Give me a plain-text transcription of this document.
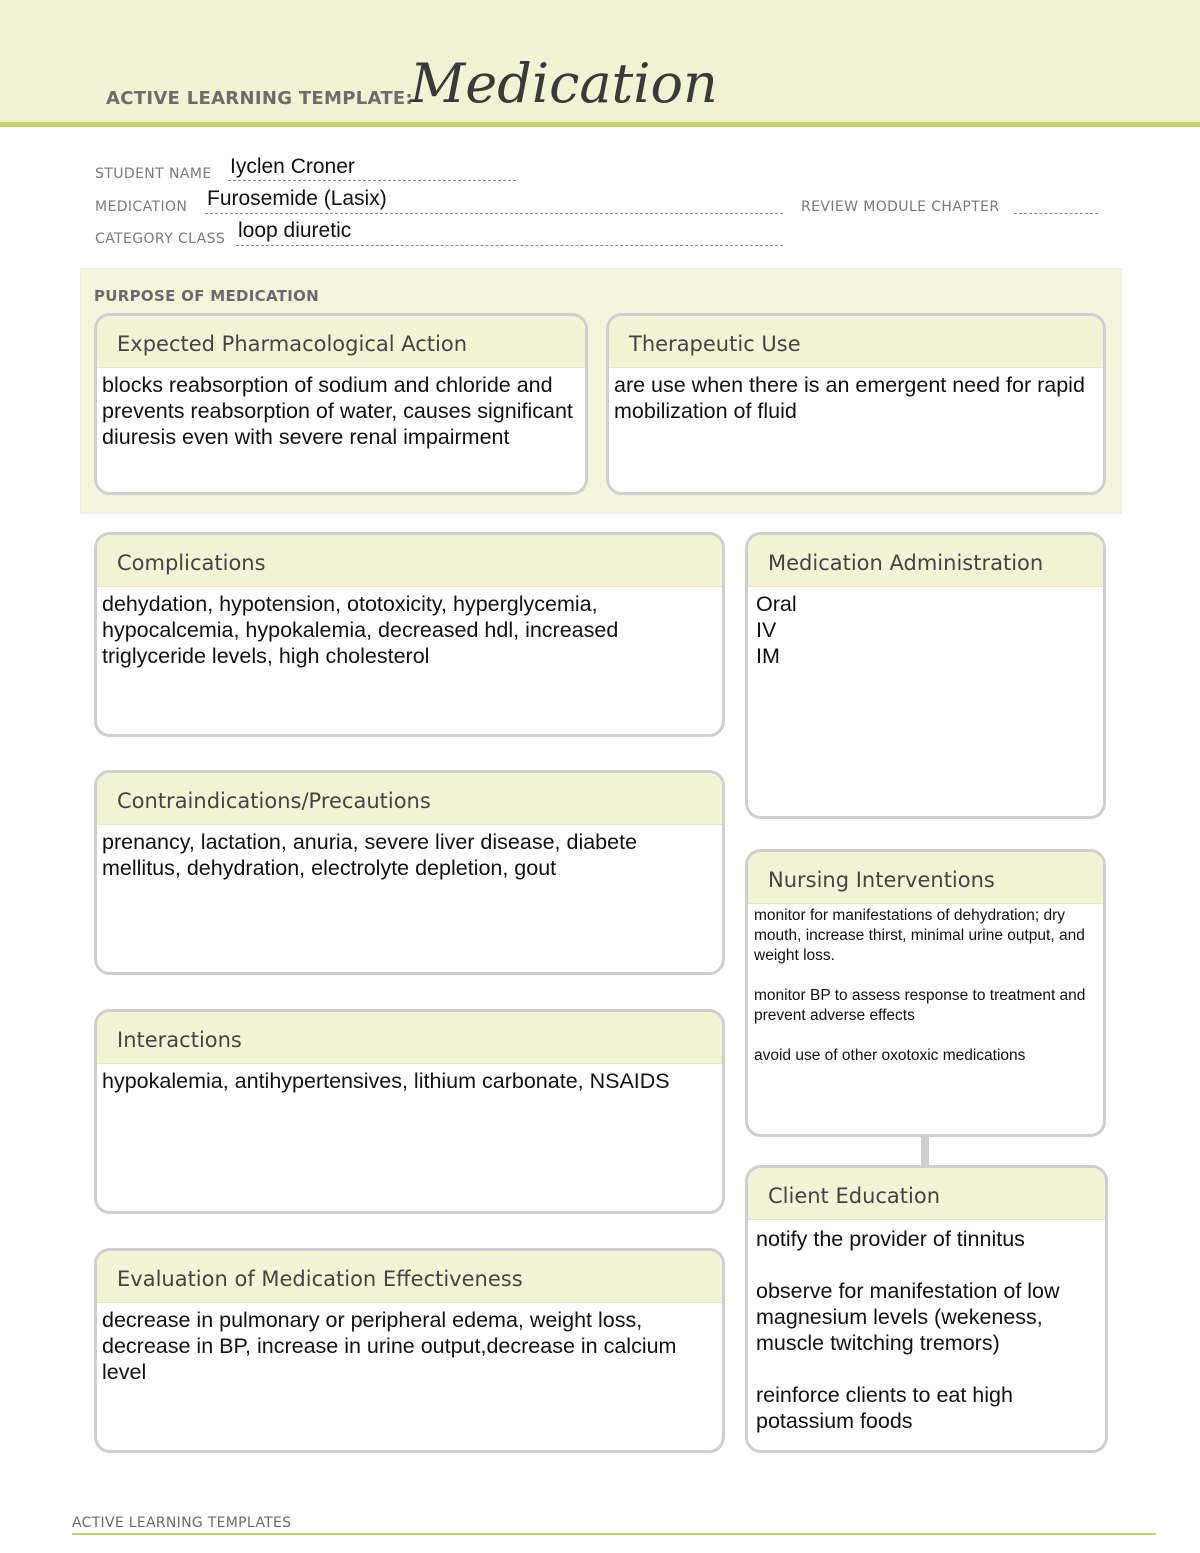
ACTIVE LEARNING TEMPLATE:
Medication
STUDENT NAME Iyclen Croner
MEDICATION Furosemide (Lasix)	REVIEW MODULE CHAPTER
CATEGORY CLASS loop diuretic
PURPOSE OF MEDICATION
Expected Pharmacological Action
blocks reabsorption of sodium and chloride and prevents reabsorption of water, causes significant diuresis even with severe renal impairment
Therapeutic Use
are use when there is an emergent need for rapid mobilization of fluid
Complications
dehydation, hypotension, ototoxicity, hyperglycemia, hypocalcemia, hypokalemia, decreased hdl, increased triglyceride levels, high cholesterol
Contraindications/Precautions
prenancy, lactation, anuria, severe liver disease, diabete mellitus, dehydration, electrolyte depletion, gout
Interactions
hypokalemia, antihypertensives, lithium carbonate, NSAIDS
Evaluation of Medication Effectiveness
decrease in pulmonary or peripheral edema, weight loss, decrease in BP, increase in urine output,decrease in calcium level
Medication Administration

Oral

IV

IM

Nursing Interventions

monitor for manifestations of dehydration; dry mouth, increase thirst, minimal urine output, and weight loss.

monitor BP to assess response to treatment and prevent adverse effects

avoid use of other oxotoxic medications

Client Education

notify the provider of tinnitus

observe for manifestation of low magnesium levels (wekeness, muscle twitching tremors)

reinforce clients to eat high potassium foods

ACTIVE LEARNING TEMPLATES
